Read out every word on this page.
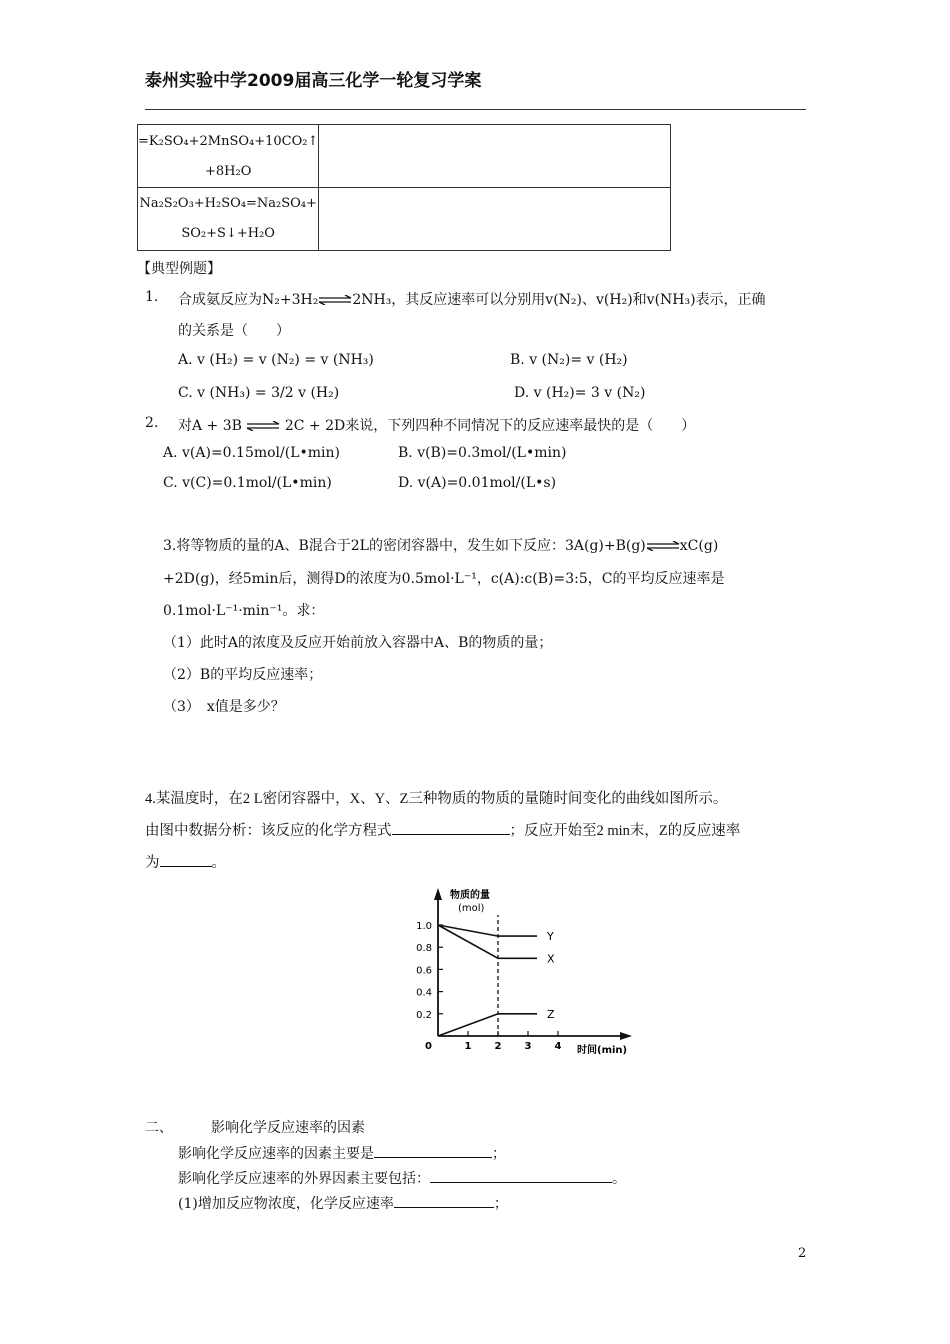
泰州实验中学2009届高三化学一轮复习学案
=K₂SO₄+2MnSO₄+10CO₂↑
+8H₂O	

Na₂S₂O₃+H₂SO₄=Na₂SO₄+
SO₂+S↓+H₂O	

【典型例题】
1. 合成氨反应为N₂+3H₂⇌2NH₃，其反应速率可以分别用v(N₂)、v(H₂)和v(NH₃)表示，正确
的关系是（　　）
A. v (H₂) = v (N₂) = v (NH₃)	B. v (N₂)= v (H₂)
C. v (NH₃) = 3/2 v (H₂)	D. v (H₂)= 3 v (N₂)
2. 对A + 3B ⇌ 2C + 2D来说，下列四种不同情况下的反应速率最快的是（　　）
A. v(A)=0.15mol/(L•min)	B. v(B)=0.3mol/(L•min)
C. v(C)=0.1mol/(L•min)	D. v(A)=0.01mol/(L•s)
3.将等物质的量的A、B混合于2L的密闭容器中，发生如下反应：3A(g)+B(g)⇌xC(g)
+2D(g)，经5min后，测得D的浓度为0.5mol·L⁻¹，c(A):c(B)=3:5，C的平均反应速率是
0.1mol·L⁻¹·min⁻¹。求：
（1）此时A的浓度及反应开始前放入容器中A、B的物质的量；
（2）B的平均反应速率；
（3）　x值是多少？
4.某温度时，在2 L密闭容器中，X、Y、Z三种物质的物质的量随时间变化的曲线如图所示。
由图中数据分析：该反应的化学方程式	；反应开始至2 min末，Z的反应速率
为	。
物质的量
(mol)
时间(min)
1.0
0.8
0.6
0.4
0.2
0	1 2 3 4
Y
X
Z
二、	影响化学反应速率的因素
影响化学反应速率的因素主要是	；
影响化学反应速率的外界因素主要包括：	。
(1)增加反应物浓度，化学反应速率	；
2
